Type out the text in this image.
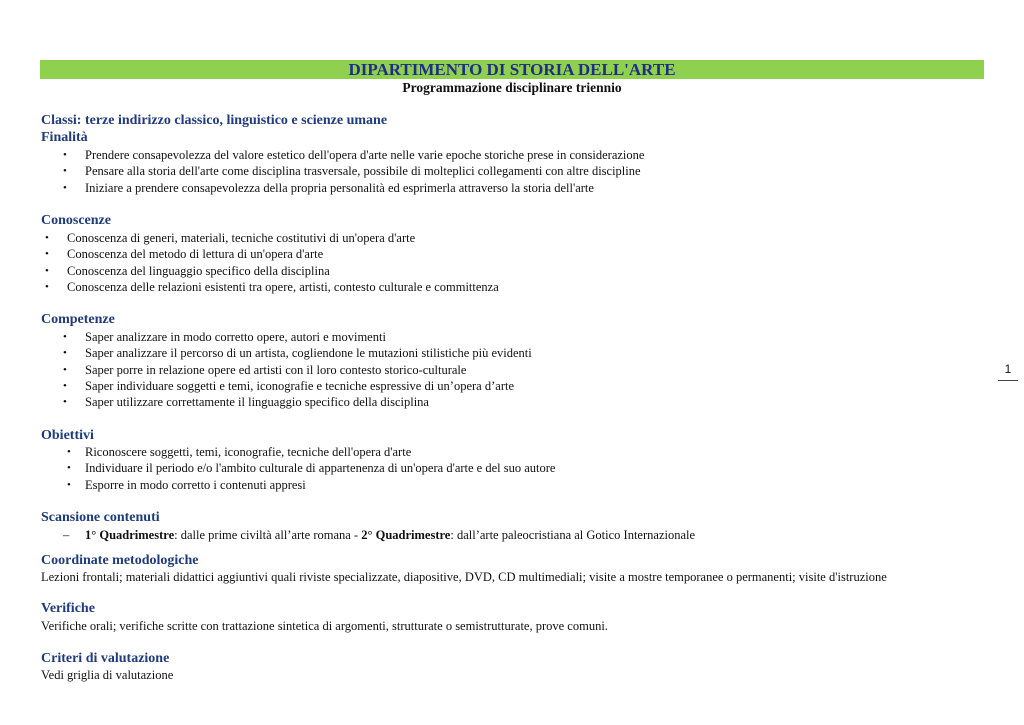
DIPARTIMENTO DI STORIA DELL'ARTE
Programmazione disciplinare triennio
Classi: terze indirizzo classico, linguistico e scienze umane
Finalità
• Prendere consapevolezza del valore estetico dell'opera d'arte nelle varie epoche storiche prese in considerazione
• Pensare alla storia dell'arte come disciplina trasversale, possibile di molteplici collegamenti con altre discipline
• Iniziare a prendere consapevolezza della propria personalità ed esprimerla attraverso la storia dell'arte
Conoscenze
• Conoscenza di generi, materiali, tecniche costitutivi di un'opera d'arte
• Conoscenza del metodo di lettura di un'opera d'arte
• Conoscenza del linguaggio specifico della disciplina
• Conoscenza delle relazioni esistenti tra opere, artisti, contesto culturale e committenza
Competenze
• Saper analizzare in modo corretto opere, autori e movimenti
• Saper analizzare il percorso di un artista, cogliendone le mutazioni stilistiche più evidenti
• Saper porre in relazione opere ed artisti con il loro contesto storico-culturale
• Saper individuare soggetti e temi, iconografie e tecniche espressive di un’opera d’arte
• Saper utilizzare correttamente il linguaggio specifico della disciplina
1
Obiettivi
• Riconoscere soggetti, temi, iconografie, tecniche dell'opera d'arte
• Individuare il periodo e/o l'ambito culturale di appartenenza di un'opera d'arte e del suo autore
• Esporre in modo corretto i contenuti appresi
Scansione contenuti
– 1° Quadrimestre: dalle prime civiltà all’arte romana - 2° Quadrimestre: dall’arte paleocristiana al Gotico Internazionale
Coordinate metodologiche
Lezioni frontali; materiali didattici aggiuntivi quali riviste specializzate, diapositive, DVD, CD multimediali; visite a mostre temporanee o permanenti; visite d'istruzione
Verifiche
Verifiche orali; verifiche scritte con trattazione sintetica di argomenti, strutturate o semistrutturate, prove comuni.
Criteri di valutazione
Vedi griglia di valutazione
